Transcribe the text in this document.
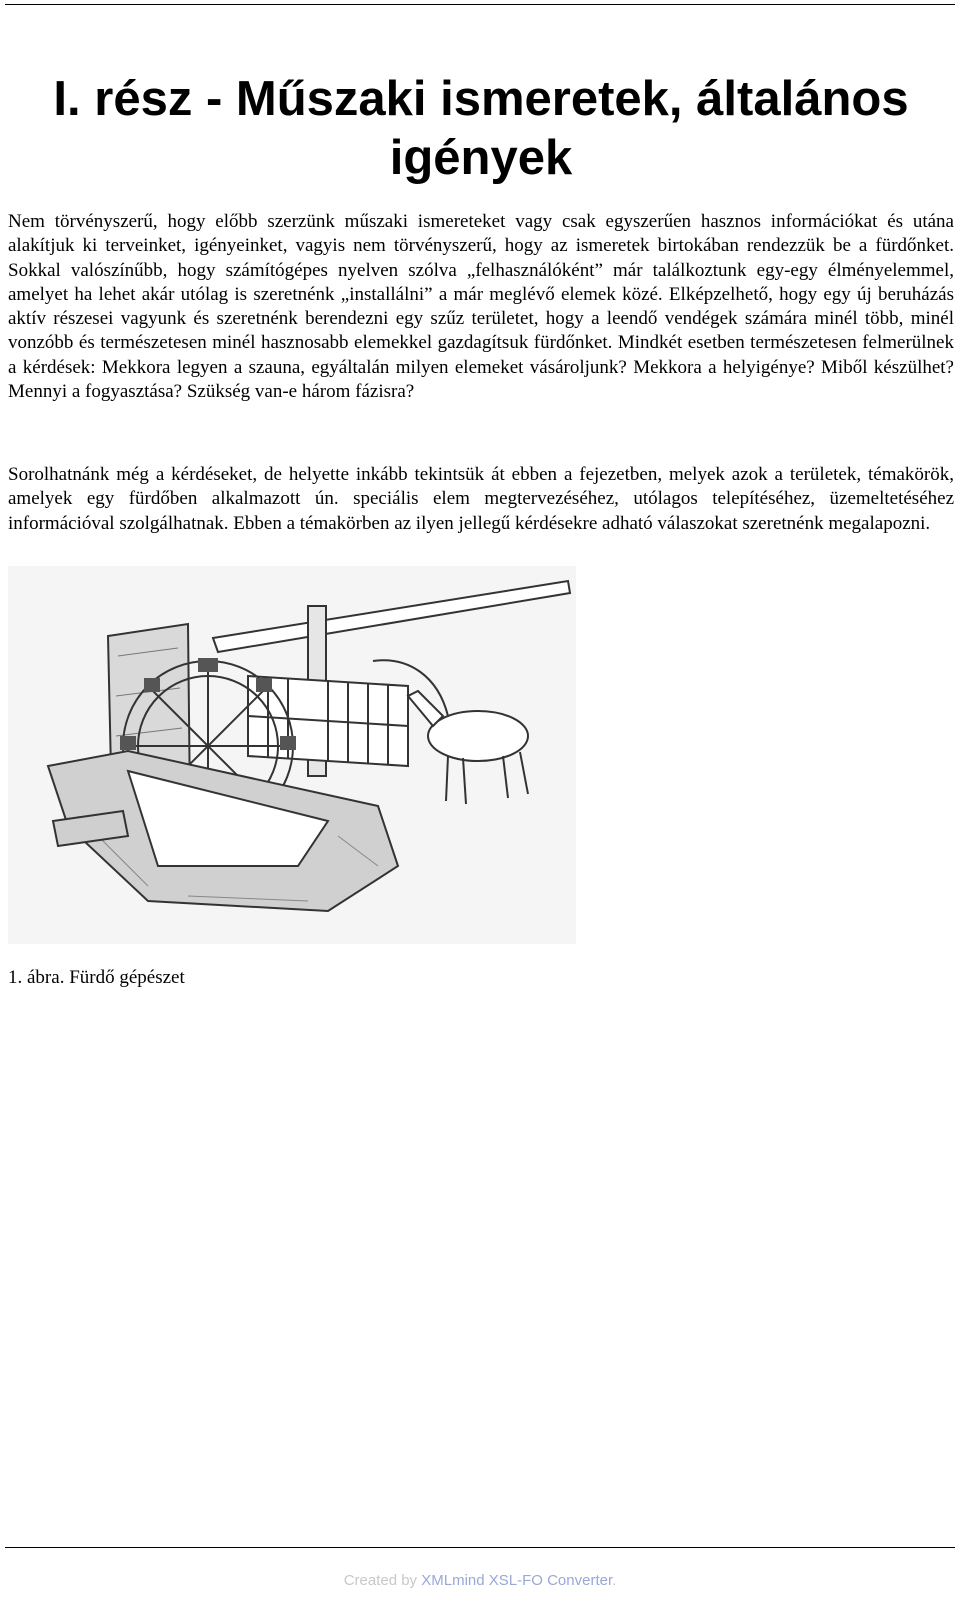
I. rész - Műszaki ismeretek, általános igények

Nem törvényszerű, hogy előbb szerzünk műszaki ismereteket vagy csak egyszerűen hasznos információkat és utána alakítjuk ki terveinket, igényeinket, vagyis nem törvényszerű, hogy az ismeretek birtokában rendezzük be a fürdőnket. Sokkal valószínűbb, hogy számítógépes nyelven szólva „felhasználóként” már találkoztunk egy-egy élményelemmel, amelyet ha lehet akár utólag is szeretnénk „installálni” a már meglévő elemek közé. Elképzelhető, hogy egy új beruházás aktív részesei vagyunk és szeretnénk berendezni egy szűz területet, hogy a leendő vendégek számára minél több, minél vonzóbb és természetesen minél hasznosabb elemekkel gazdagítsuk fürdőnket. Mindkét esetben természetesen felmerülnek a kérdések: Mekkora legyen a szauna, egyáltalán milyen elemeket vásároljunk? Mekkora a helyigénye? Miből készülhet? Mennyi a fogyasztása? Szükség van-e három fázisra?

Sorolhatnánk még a kérdéseket, de helyette inkább tekintsük át ebben a fejezetben, melyek azok a területek, témakörök, amelyek egy fürdőben alkalmazott ún. speciális elem megtervezéséhez, utólagos telepítéséhez, üzemeltetéséhez információval szolgálhatnak. Ebben a témakörben az ilyen jellegű kérdésekre adható válaszokat szeretnénk megalapozni.

1. ábra. Fürdő gépészet

Created by XMLmind XSL-FO Converter.
